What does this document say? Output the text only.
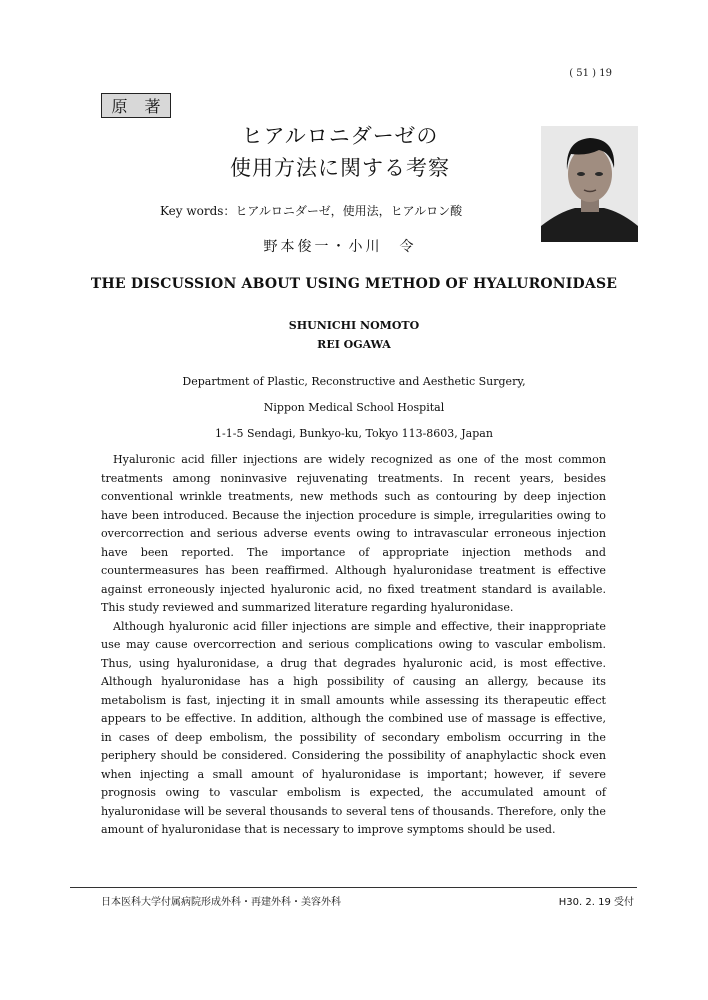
( 51 ) 19
原 著
ヒアルロニダーゼの
使用方法に関する考察
Key words：ヒアルロニダーゼ，使用法，ヒアルロン酸
野本俊一・小川　令
THE DISCUSSION ABOUT USING METHOD OF HYALURONIDASE
SHUNICHI NOMOTO
REI OGAWA
Department of Plastic, Reconstructive and Aesthetic Surgery,
Nippon Medical School Hospital
1-1-5 Sendagi, Bunkyo-ku, Tokyo 113-8603, Japan

Hyaluronic acid filler injections are widely recognized as one of the most common treatments among noninvasive rejuvenating treatments. In recent years, besides conventional wrinkle treatments, new methods such as contouring by deep injection have been introduced. Because the injection procedure is simple, irregularities owing to overcorrection and serious adverse events owing to intravascular erroneous injection have been reported. The importance of appropriate injection methods and countermeasures has been reaffirmed. Although hyaluronidase treatment is effective against erroneously injected hyaluronic acid, no fixed treatment standard is available. This study reviewed and summarized literature regarding hyaluronidase.

Although hyaluronic acid filler injections are simple and effective, their inappropriate use may cause overcorrection and serious complications owing to vascular embolism. Thus, using hyaluronidase, a drug that degrades hyaluronic acid, is most effective. Although hyaluronidase has a high possibility of causing an allergy, because its metabolism is fast, injecting it in small amounts while assessing its therapeutic effect appears to be effective. In addition, although the combined use of massage is effective, in cases of deep embolism, the possibility of secondary embolism occurring in the periphery should be considered. Considering the possibility of anaphylactic shock even when injecting a small amount of hyaluronidase is important；however, if severe prognosis owing to vascular embolism is expected, the accumulated amount of hyaluronidase will be several thousands to several tens of thousands. Therefore, only the amount of hyaluronidase that is necessary to improve symptoms should be used.

日本医科大学付属病院形成外科・再建外科・美容外科	H30. 2. 19 受付
